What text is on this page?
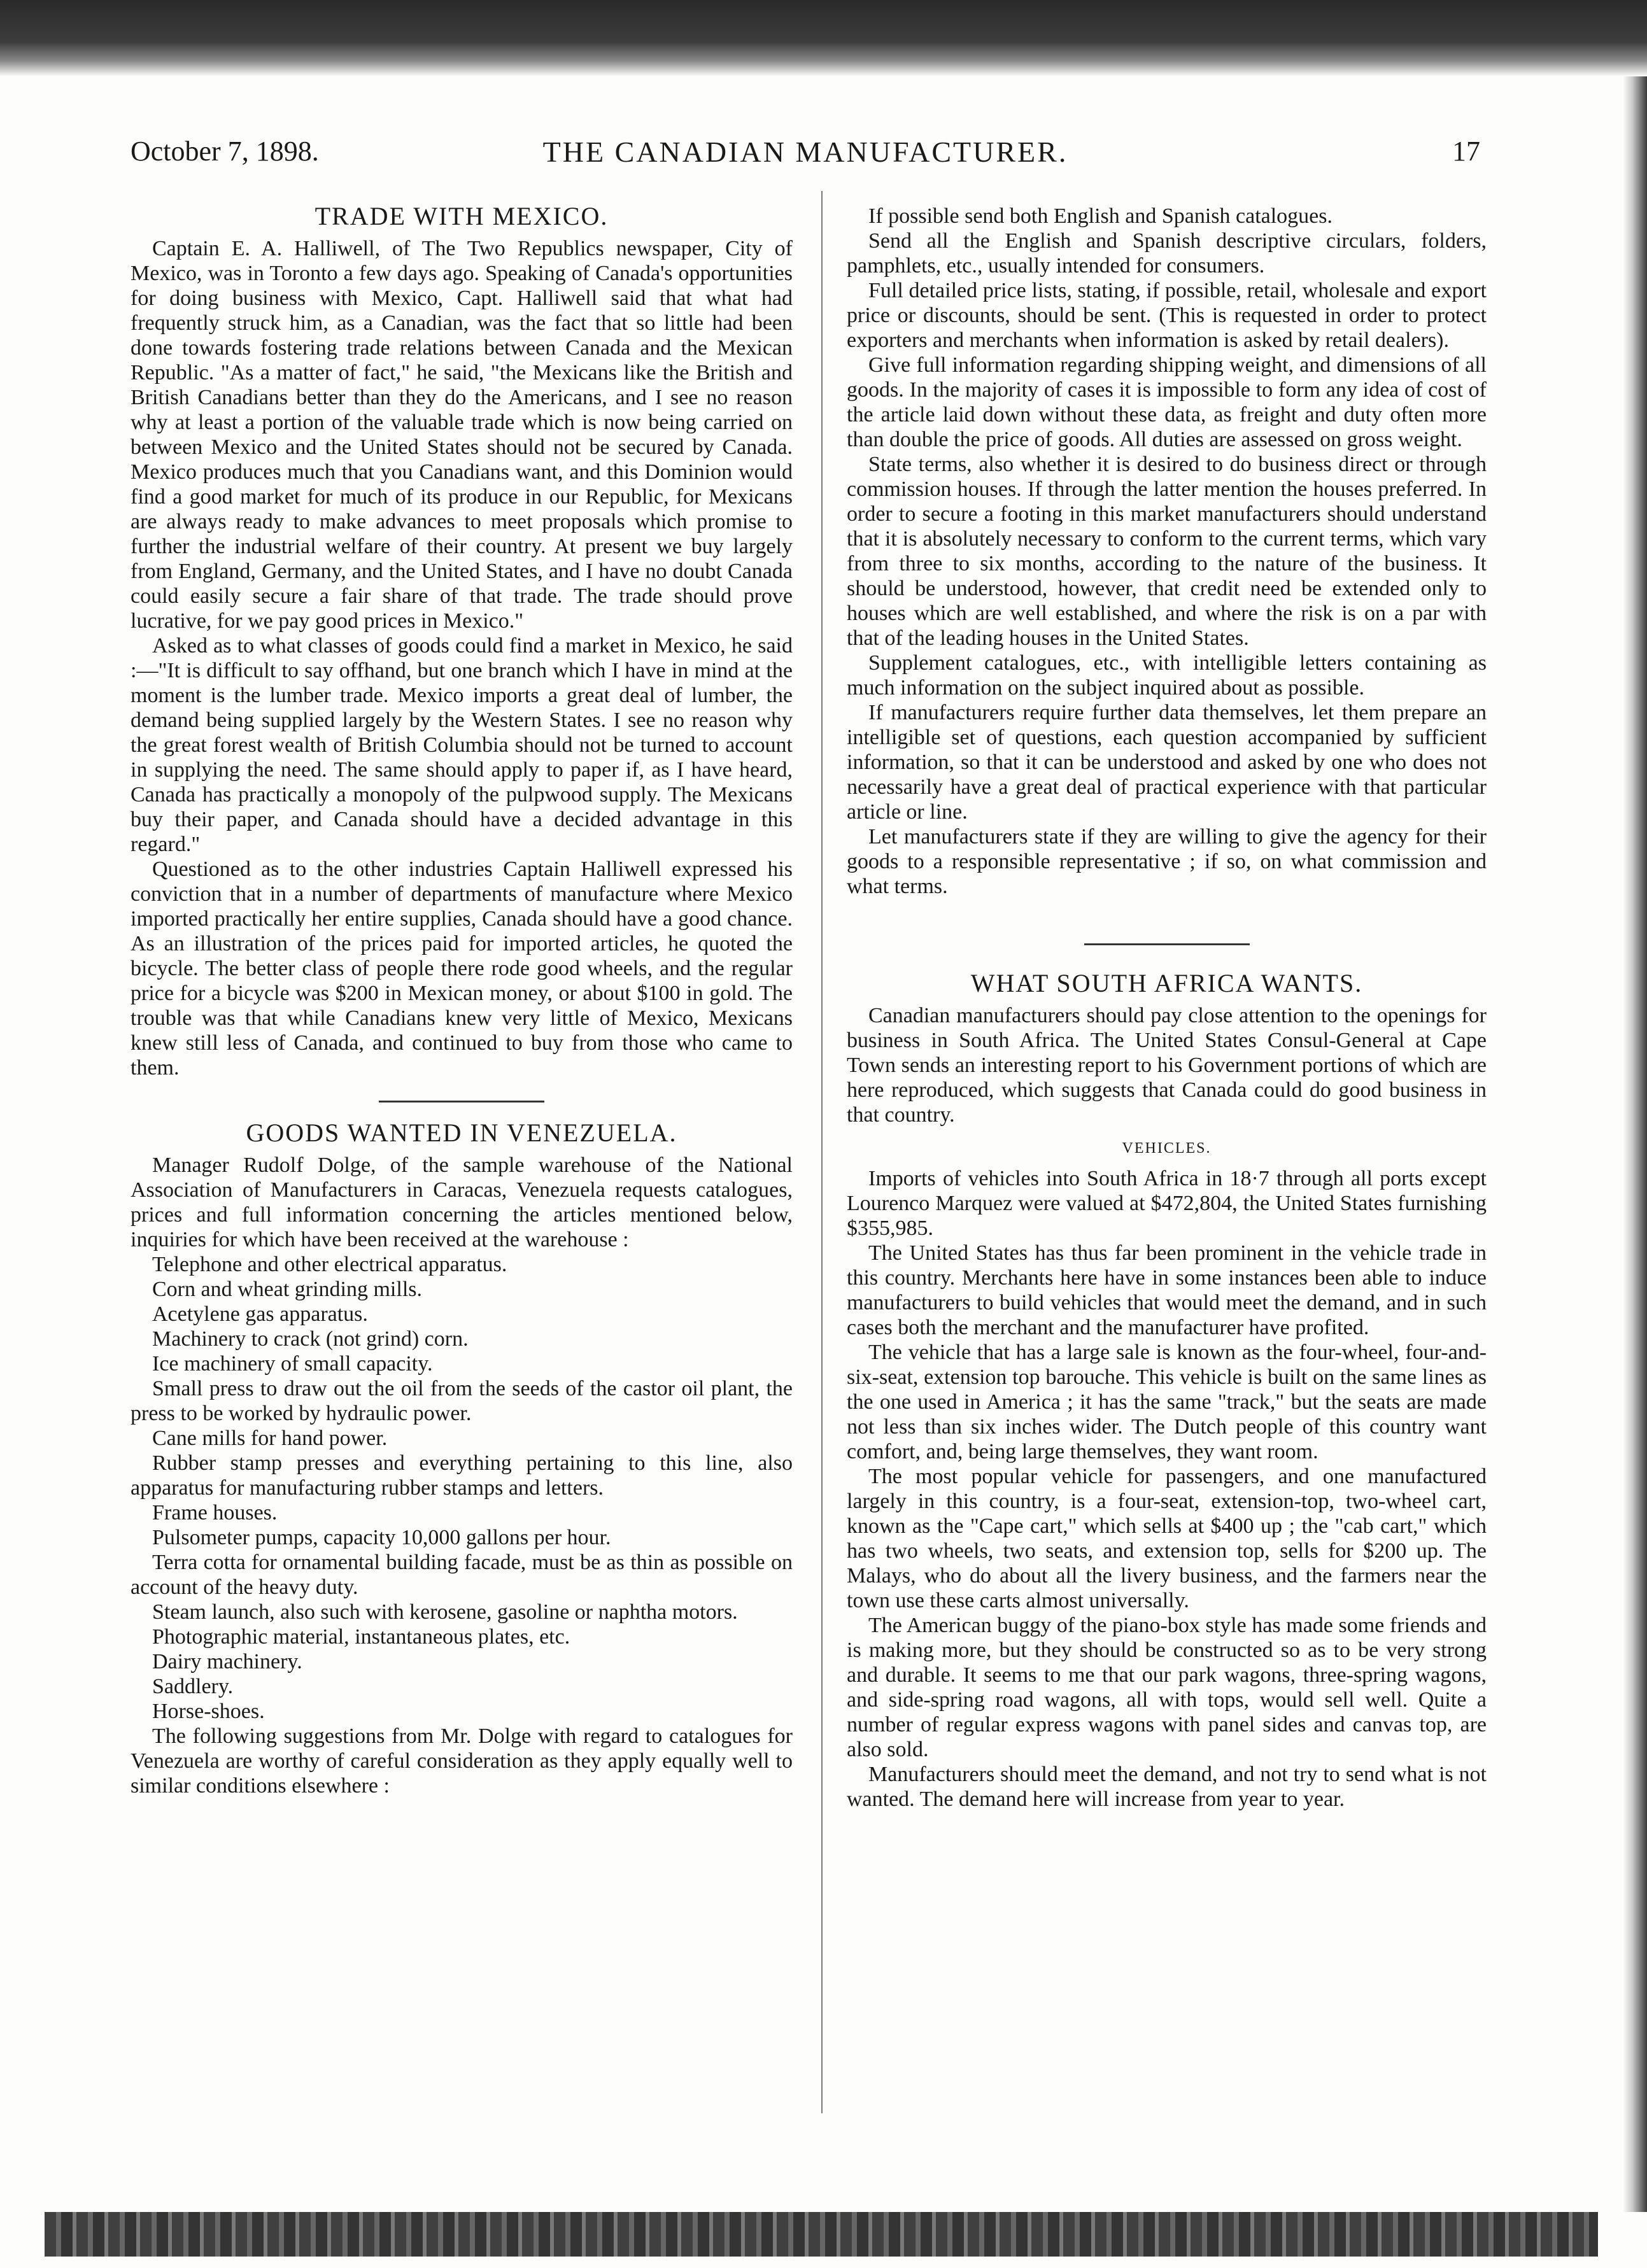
October 7, 1898.	THE CANADIAN MANUFACTURER.	17
TRADE WITH MEXICO.

Captain E. A. Halliwell, of The Two Republics newspaper, City of Mexico, was in Toronto a few days ago. Speaking of Canada's opportunities for doing business with Mexico, Capt. Halliwell said that what had frequently struck him, as a Canadian, was the fact that so little had been done towards fostering trade relations between Canada and the Mexican Republic. "As a matter of fact," he said, "the Mexicans like the British and British Canadians better than they do the Americans, and I see no reason why at least a portion of the valuable trade which is now being carried on between Mexico and the United States should not be secured by Canada. Mexico produces much that you Canadians want, and this Dominion would find a good market for much of its produce in our Republic, for Mexicans are always ready to make advances to meet proposals which promise to further the industrial welfare of their country. At present we buy largely from England, Germany, and the United States, and I have no doubt Canada could easily secure a fair share of that trade. The trade should prove lucrative, for we pay good prices in Mexico."

Asked as to what classes of goods could find a market in Mexico, he said :—"It is difficult to say offhand, but one branch which I have in mind at the moment is the lumber trade. Mexico imports a great deal of lumber, the demand being supplied largely by the Western States. I see no reason why the great forest wealth of British Columbia should not be turned to account in supplying the need. The same should apply to paper if, as I have heard, Canada has practically a monopoly of the pulpwood supply. The Mexicans buy their paper, and Canada should have a decided advantage in this regard."

Questioned as to the other industries Captain Halliwell expressed his conviction that in a number of departments of manufacture where Mexico imported practically her entire supplies, Canada should have a good chance. As an illustration of the prices paid for imported articles, he quoted the bicycle. The better class of people there rode good wheels, and the regular price for a bicycle was $200 in Mexican money, or about $100 in gold. The trouble was that while Canadians knew very little of Mexico, Mexicans knew still less of Canada, and continued to buy from those who came to them.

GOODS WANTED IN VENEZUELA.

Manager Rudolf Dolge, of the sample warehouse of the National Association of Manufacturers in Caracas, Venezuela requests catalogues, prices and full information concerning the articles mentioned below, inquiries for which have been received at the warehouse :

Telephone and other electrical apparatus.

Corn and wheat grinding mills.

Acetylene gas apparatus.

Machinery to crack (not grind) corn.

Ice machinery of small capacity.

Small press to draw out the oil from the seeds of the castor oil plant, the press to be worked by hydraulic power.

Cane mills for hand power.

Rubber stamp presses and everything pertaining to this line, also apparatus for manufacturing rubber stamps and letters.

Frame houses.

Pulsometer pumps, capacity 10,000 gallons per hour.

Terra cotta for ornamental building facade, must be as thin as possible on account of the heavy duty.

Steam launch, also such with kerosene, gasoline or naphtha motors.

Photographic material, instantaneous plates, etc.

Dairy machinery.

Saddlery.

Horse-shoes.

The following suggestions from Mr. Dolge with regard to catalogues for Venezuela are worthy of careful consideration as they apply equally well to similar conditions elsewhere :

If possible send both English and Spanish catalogues.

Send all the English and Spanish descriptive circulars, folders, pamphlets, etc., usually intended for consumers.

Full detailed price lists, stating, if possible, retail, wholesale and export price or discounts, should be sent. (This is requested in order to protect exporters and merchants when information is asked by retail dealers).

Give full information regarding shipping weight, and dimensions of all goods. In the majority of cases it is impossible to form any idea of cost of the article laid down without these data, as freight and duty often more than double the price of goods. All duties are assessed on gross weight.

State terms, also whether it is desired to do business direct or through commission houses. If through the latter mention the houses preferred. In order to secure a footing in this market manufacturers should understand that it is absolutely necessary to conform to the current terms, which vary from three to six months, according to the nature of the business. It should be understood, however, that credit need be extended only to houses which are well established, and where the risk is on a par with that of the leading houses in the United States.

Supplement catalogues, etc., with intelligible letters containing as much information on the subject inquired about as possible.

If manufacturers require further data themselves, let them prepare an intelligible set of questions, each question accompanied by sufficient information, so that it can be understood and asked by one who does not necessarily have a great deal of practical experience with that particular article or line.

Let manufacturers state if they are willing to give the agency for their goods to a responsible representative ; if so, on what commission and what terms.

WHAT SOUTH AFRICA WANTS.

Canadian manufacturers should pay close attention to the openings for business in South Africa. The United States Consul-General at Cape Town sends an interesting report to his Government portions of which are here reproduced, which suggests that Canada could do good business in that country.

VEHICLES.

Imports of vehicles into South Africa in 18·7 through all ports except Lourenco Marquez were valued at $472,804, the United States furnishing $355,985.

The United States has thus far been prominent in the vehicle trade in this country. Merchants here have in some instances been able to induce manufacturers to build vehicles that would meet the demand, and in such cases both the merchant and the manufacturer have profited.

The vehicle that has a large sale is known as the four-wheel, four-and-six-seat, extension top barouche. This vehicle is built on the same lines as the one used in America ; it has the same "track," but the seats are made not less than six inches wider. The Dutch people of this country want comfort, and, being large themselves, they want room.

The most popular vehicle for passengers, and one manufactured largely in this country, is a four-seat, extension-top, two-wheel cart, known as the "Cape cart," which sells at $400 up ; the "cab cart," which has two wheels, two seats, and extension top, sells for $200 up. The Malays, who do about all the livery business, and the farmers near the town use these carts almost universally.

The American buggy of the piano-box style has made some friends and is making more, but they should be constructed so as to be very strong and durable. It seems to me that our park wagons, three-spring wagons, and side-spring road wagons, all with tops, would sell well. Quite a number of regular express wagons with panel sides and canvas top, are also sold.

Manufacturers should meet the demand, and not try to send what is not wanted. The demand here will increase from year to year.
